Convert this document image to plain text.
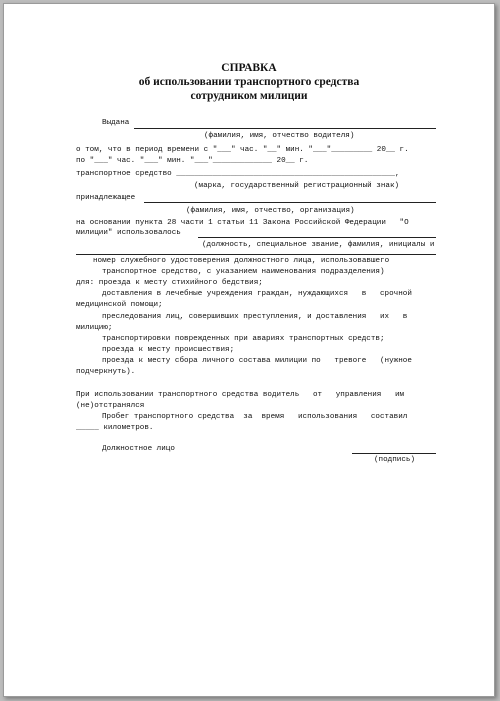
СПРАВКА
об использовании транспортного средства
сотрудником милиции
Выдана
(фамилия, имя, отчество водителя)
о том, что в период времени с "___" час. "__" мин. "___"_________ 20__ г.
по "___" час. "___" мин. "___"_____________ 20__ г.
транспортное средство ________________________________________________,
(марка, государственный регистрационный знак)
принадлежащее
(фамилия, имя, отчество, организация)
на основании пункта 28 части 1 статьи 11 Закона Российской Федерации   "О
милиции" использовалось
(должность, специальное звание, фамилия, инициалы и
номер служебного удостоверения должностного лица, использовавшего
транспортное средство, с указанием наименования подразделения)
для: проезда к месту стихийного бедствия;
доставления в лечебные учреждения граждан, нуждающихся   в   срочной
медицинской помощи;
преследования лиц, совершивших преступления, и доставления   их   в
милицию;
транспортировки поврежденных при авариях транспортных средств;
проезда к месту происшествия;
проезда к месту сбора личного состава милиции по   тревоге   (нужное
подчеркнуть).
При использовании транспортного средства водитель   от   управления   им
(не)отстранялся
Пробег транспортного средства  за  время   использования   составил
_____ километров.
Должностное лицо
(подпись)
